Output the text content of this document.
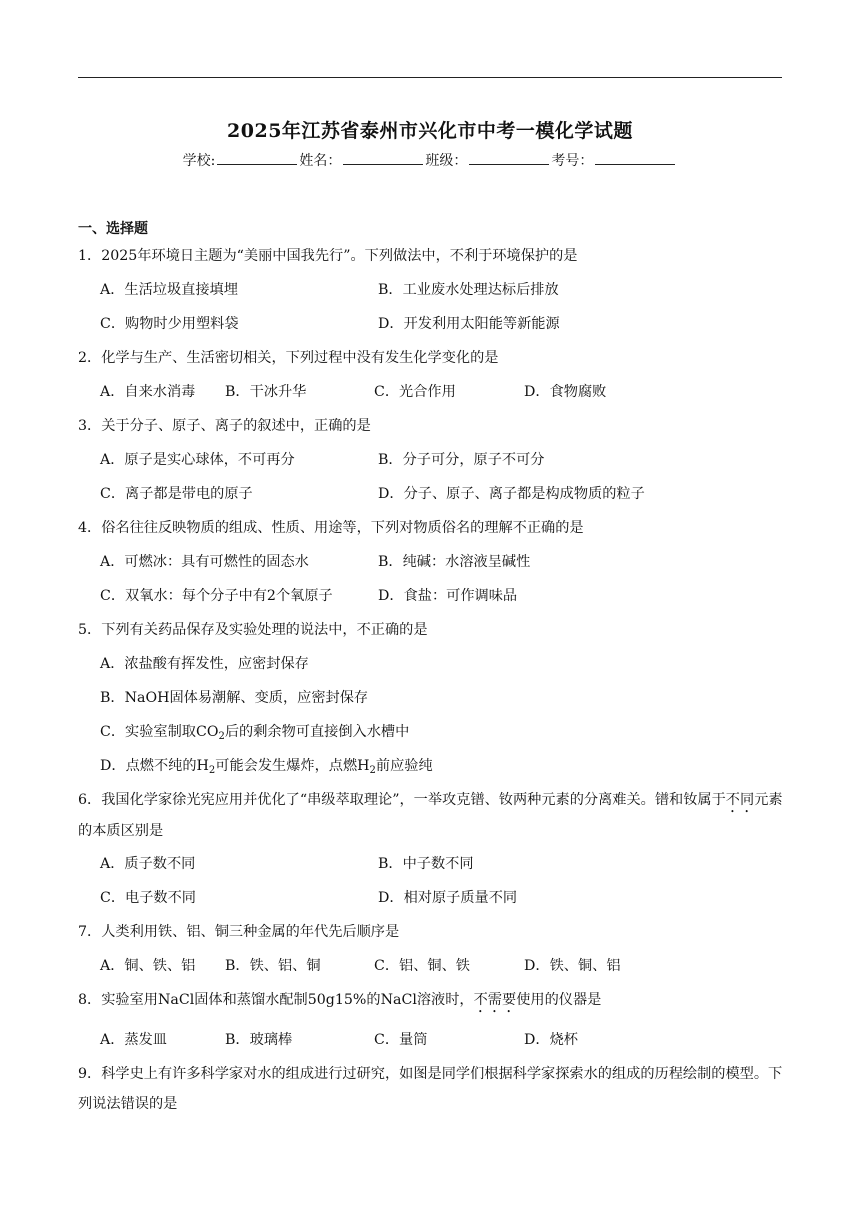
2025年江苏省泰州市兴化市中考一模化学试题
学校:	姓名：	班级：	考号：
一、选择题
1．2025年环境日主题为“美丽中国我先行”。下列做法中，不利于环境保护的是
A．生活垃圾直接填埋	B．工业废水处理达标后排放
C．购物时少用塑料袋	D．开发利用太阳能等新能源
2．化学与生产、生活密切相关，下列过程中没有发生化学变化的是
A．自来水消毒	B．干冰升华	C．光合作用	D．食物腐败
3．关于分子、原子、离子的叙述中，正确的是
A．原子是实心球体，不可再分	B．分子可分，原子不可分
C．离子都是带电的原子	D．分子、原子、离子都是构成物质的粒子
4．俗名往往反映物质的组成、性质、用途等，下列对物质俗名的理解不正确的是
A．可燃冰：具有可燃性的固态水	B．纯碱：水溶液呈碱性
C．双氧水：每个分子中有2个氧原子	D．食盐：可作调味品
5．下列有关药品保存及实验处理的说法中，不正确的是
A．浓盐酸有挥发性，应密封保存
B．NaOH固体易潮解、变质，应密封保存
C．实验室制取$CO_2$后的剩余物可直接倒入水槽中
D．点燃不纯的$H_2$可能会发生爆炸，点燃$H_2$前应验纯
6．我国化学家徐光宪应用并优化了“串级萃取理论”，一举攻克镨、钕两种元素的分离难关。镨和钕属于不同元素的本质区别是
A．质子数不同	B．中子数不同
C．电子数不同	D．相对原子质量不同
7．人类利用铁、铝、铜三种金属的年代先后顺序是
A．铜、铁、铝	B．铁、铝、铜	C．铝、铜、铁	D．铁、铜、铝
8．实验室用NaCl固体和蒸馏水配制50g15%的NaCl溶液时，不需要使用的仪器是
A．蒸发皿	B．玻璃棒	C．量筒	D．烧杯
9．科学史上有许多科学家对水的组成进行过研究，如图是同学们根据科学家探索水的组成的历程绘制的模型。下列说法错误的是
